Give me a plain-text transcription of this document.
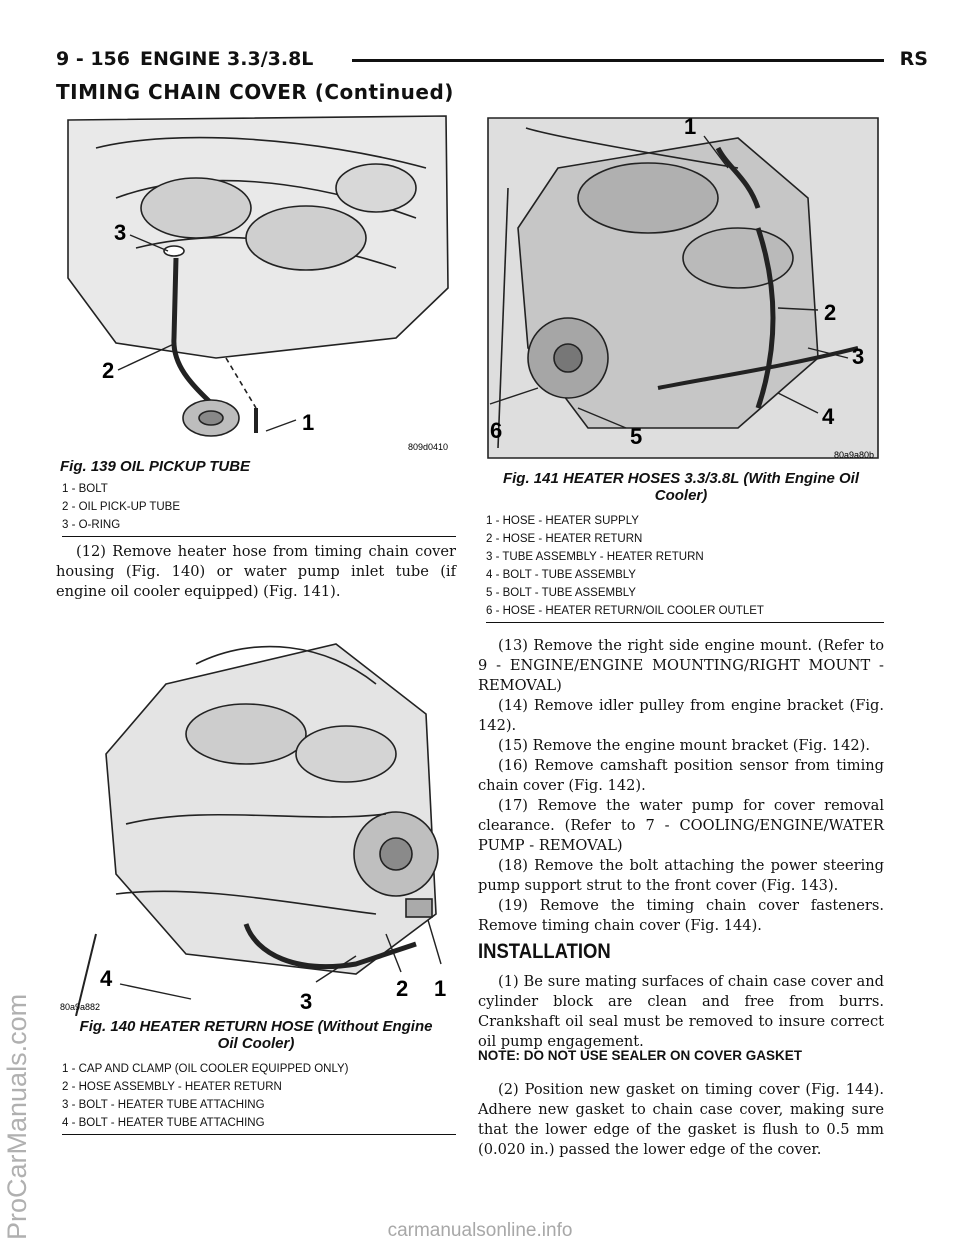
9 - 156 ENGINE 3.3/3.8L	RS
TIMING CHAIN COVER (Continued)
ProCarManuals.com
3
2
1
809d0410
Fig. 139 OIL PICKUP TUBE
1 - BOLT
2 - OIL PICK-UP TUBE
3 - O-RING

(12) Remove heater hose from timing chain cover housing (Fig. 140) or water pump inlet tube (if engine oil cooler equipped) (Fig. 141).

4
3
2 1
80a9a882
Fig. 140 HEATER RETURN HOSE (Without Engine
Oil Cooler)
1 - CAP AND CLAMP (OIL COOLER EQUIPPED ONLY)
2 - HOSE ASSEMBLY - HEATER RETURN
3 - BOLT - HEATER TUBE ATTACHING
4 - BOLT - HEATER TUBE ATTACHING
1
2
3
4
5
6
80a9a80b
Fig. 141 HEATER HOSES 3.3/3.8L (With Engine Oil
Cooler)
1 - HOSE - HEATER SUPPLY
2 - HOSE - HEATER RETURN
3 - TUBE ASSEMBLY - HEATER RETURN
4 - BOLT - TUBE ASSEMBLY
5 - BOLT - TUBE ASSEMBLY
6 - HOSE - HEATER RETURN/OIL COOLER OUTLET

(13) Remove the right side engine mount. (Refer to 9 - ENGINE/ENGINE MOUNTING/RIGHT MOUNT - REMOVAL)

(14) Remove idler pulley from engine bracket (Fig. 142).

(15) Remove the engine mount bracket (Fig. 142).

(16) Remove camshaft position sensor from timing chain cover (Fig. 142).

(17) Remove the water pump for cover removal clearance. (Refer to 7 - COOLING/ENGINE/WATER PUMP - REMOVAL)

(18) Remove the bolt attaching the power steering pump support strut to the front cover (Fig. 143).

(19) Remove the timing chain cover fasteners. Remove timing chain cover (Fig. 144).

INSTALLATION

(1) Be sure mating surfaces of chain case cover and cylinder block are clean and free from burrs. Crankshaft oil seal must be removed to insure correct oil pump engagement.

NOTE: DO NOT USE SEALER ON COVER GASKET

(2) Position new gasket on timing cover (Fig. 144). Adhere new gasket to chain case cover, making sure that the lower edge of the gasket is flush to 0.5 mm (0.020 in.) passed the lower edge of the cover.

carmanualsonline.info
